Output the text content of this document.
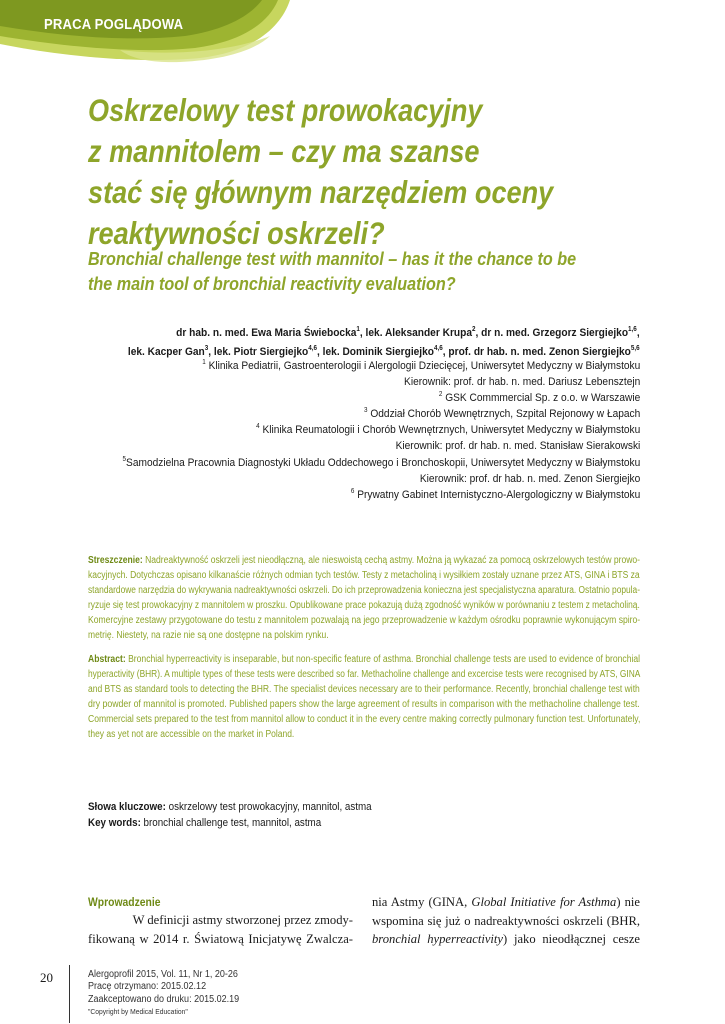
PRACA POGLĄDOWA
Oskrzelowy test prowokacyjny
z mannitolem – czy ma szanse
stać się głównym narzędziem oceny
reaktywności oskrzeli?
Bronchial challenge test with mannitol – has it the chance to be
the main tool of bronchial reactivity evaluation?
dr hab. n. med. Ewa Maria Świebocka$^1$, lek. Aleksander Krupa$^2$, dr n. med. Grzegorz Siergiejko$^{1,6}$,
lek. Kacper Gan$^3$, lek. Piotr Siergiejko$^{4,6}$, lek. Dominik Siergiejko$^{4,6}$, prof. dr hab. n. med. Zenon Siergiejko$^{5,6}$
$^1$ Klinika Pediatrii, Gastroenterologii i Alergologii Dziecięcej, Uniwersytet Medyczny w Białymstoku
Kierownik: prof. dr hab. n. med. Dariusz Lebensztejn
$^2$ GSK Commmercial Sp. z o.o. w Warszawie
$^3$ Oddział Chorób Wewnętrznych, Szpital Rejonowy w Łapach
$^4$ Klinika Reumatologii i Chorób Wewnętrznych, Uniwersytet Medyczny w Białymstoku
Kierownik: prof. dr hab. n. med. Stanisław Sierakowski
$^5$Samodzielna Pracownia Diagnostyki Układu Oddechowego i Bronchoskopii, Uniwersytet Medyczny w Białymstoku
Kierownik: prof. dr hab. n. med. Zenon Siergiejko
$^6$ Prywatny Gabinet Internistyczno-Alergologiczny w Białymstoku
Streszczenie: Nadreaktywność oskrzeli jest nieodłączną, ale nieswoistą cechą astmy. Można ją wykazać za pomocą oskrzelowych testów prowo-
kacyjnych. Dotychczas opisano kilkanaście różnych odmian tych testów. Testy z metacholiną i wysiłkiem zostały uznane przez ATS, GINA i BTS za
standardowe narzędzia do wykrywania nadreaktywności oskrzeli. Do ich przeprowadzenia konieczna jest specjalistyczna aparatura. Ostatnio popula-
ryzuje się test prowokacyjny z mannitolem w proszku. Opublikowane prace pokazują dużą zgodność wyników w porównaniu z testem z metacholiną.
Komercyjne zestawy przygotowane do testu z mannitolem pozwalają na jego przeprowadzenie w każdym ośrodku poprawnie wykonującym spiro-
metrię. Niestety, na razie nie są one dostępne na polskim rynku.
Abstract: Bronchial hyperreactivity is inseparable, but non-specific feature of asthma. Bronchial challenge tests are used to evidence of bronchial
hyperactivity (BHR). A multiple types of these tests were described so far. Methacholine challenge and excercise tests were recognised by ATS, GINA
and BTS as standard tools to detecting the BHR. The specialist devices necessary are to their performance. Recently, bronchial challenge test with
dry powder of mannitol is promoted. Published papers show the large agreement of results in comparison with the methacholine challenge test.
Commercial sets prepared to the test from mannitol allow to conduct it in the every centre making correctly pulmonary function test. Unfortunately,
they as yet not are accessible on the market in Poland.
Słowa kluczowe: oskrzelowy test prowokacyjny, mannitol, astma
Key words: bronchial challenge test, mannitol, astma
Wprowadzenie
W definicji astmy stworzonej przez zmody-
fikowaną w 2014 r. Światową Inicjatywę Zwalcza-
nia Astmy (GINA, Global Initiative for Asthma) nie
wspomina się już o nadreaktywności oskrzeli (BHR,
bronchial hyperreactivity) jako nieodłącznej cesze
20	Alergoprofil 2015, Vol. 11, Nr 1, 20-26
Pracę otrzymano: 2015.02.12
Zaakceptowano do druku: 2015.02.19
"Copyright by Medical Education"
